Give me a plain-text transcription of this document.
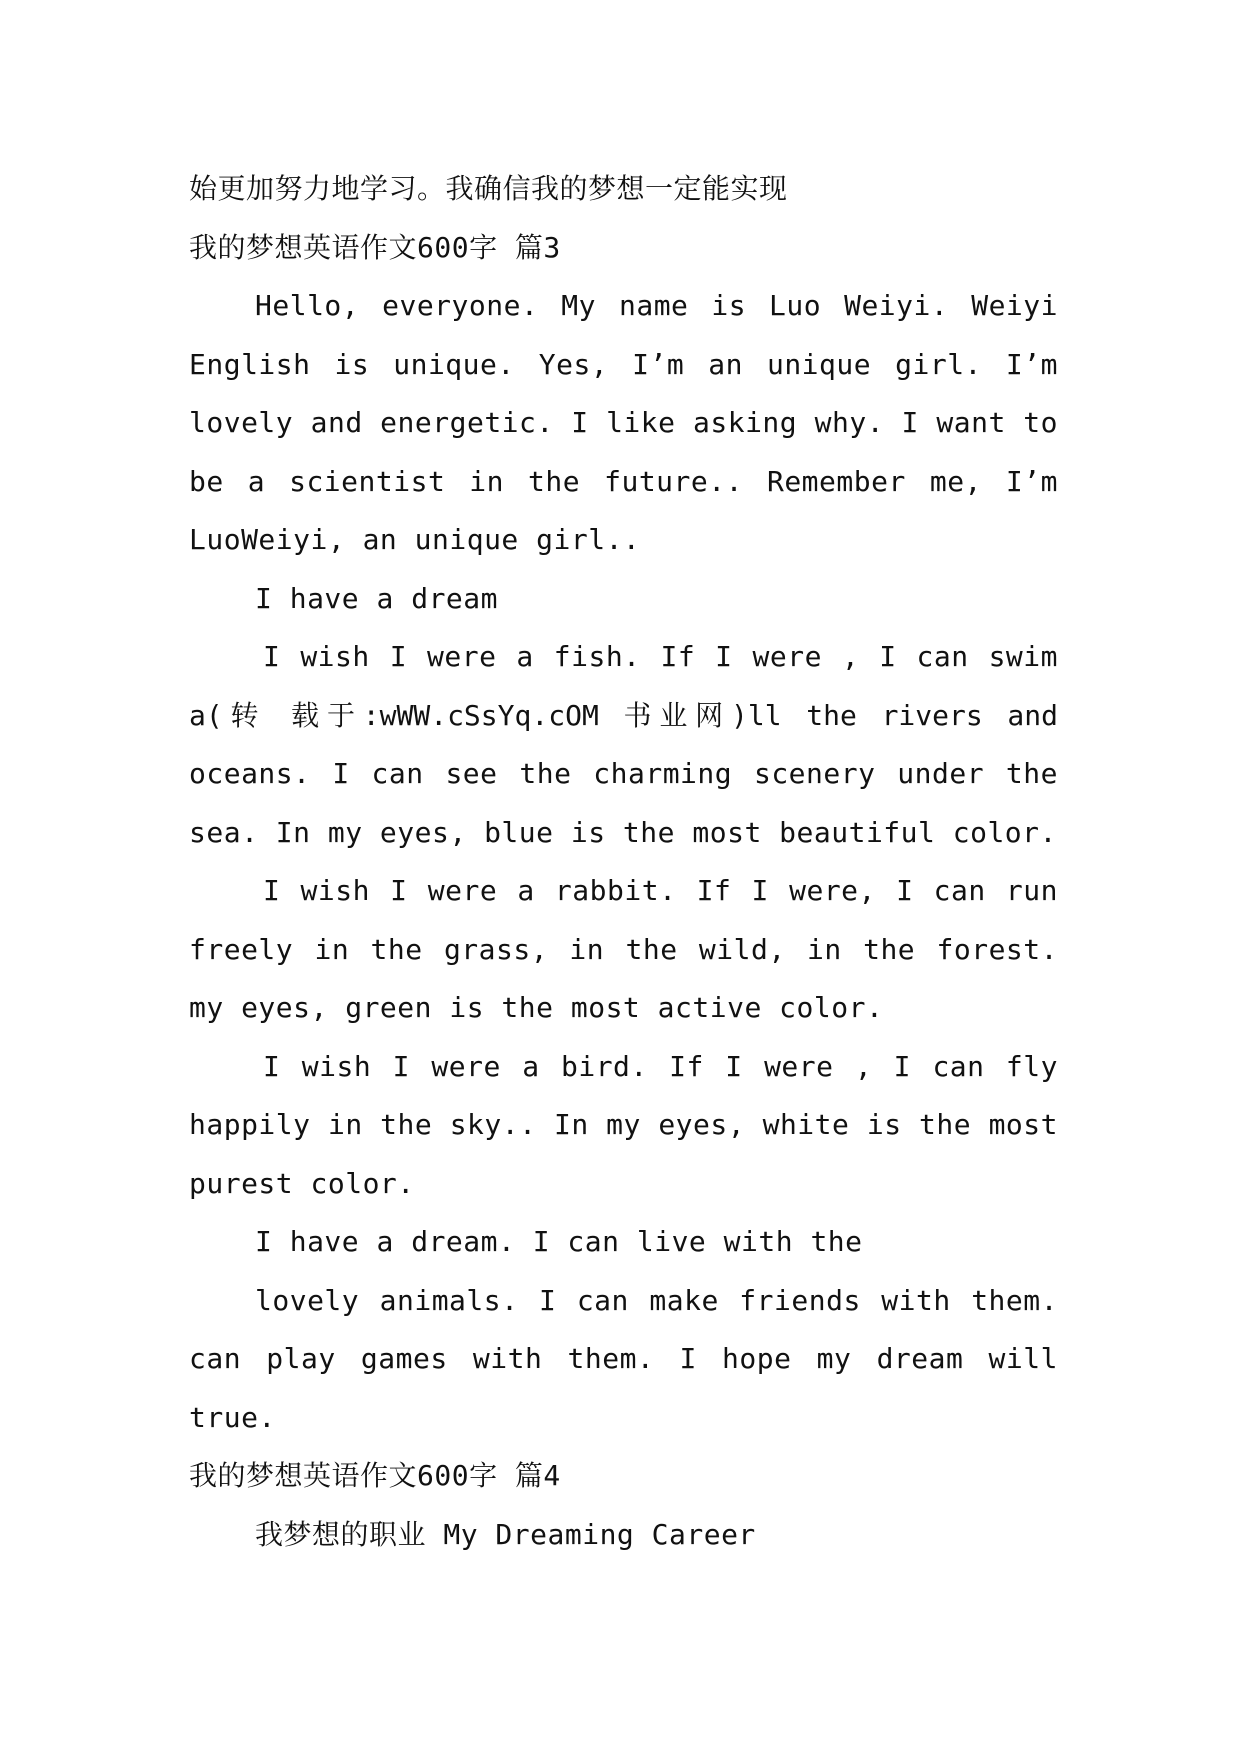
始更加努力地学习。我确信我的梦想一定能实现
我的梦想英语作文600字 篇3
Hello, everyone. My name is Luo Weiyi. Weiyi
English is unique. Yes, I’m an unique girl. I’m
lovely and energetic. I like asking why. I want to
be a scientist in the future.. Remember me, I’m
LuoWeiyi, an unique girl..
I have a dream
I wish I were a fish. If I were , I can swim
a(转 载于:wWW.cSsYq.cOM 书业网)ll the rivers and
oceans. I can see the charming scenery under the
sea. In my eyes, blue is the most beautiful color.
I wish I were a rabbit. If I were, I can run
freely in the grass, in the wild, in the forest.
my eyes, green is the most active color.
I wish I were a bird. If I were , I can fly
happily in the sky.. In my eyes, white is the most
purest color.
I have a dream. I can live with the
lovely animals. I can make friends with them.
can play games with them. I hope my dream will
true.
我的梦想英语作文600字 篇4
我梦想的职业 My Dreaming Career
